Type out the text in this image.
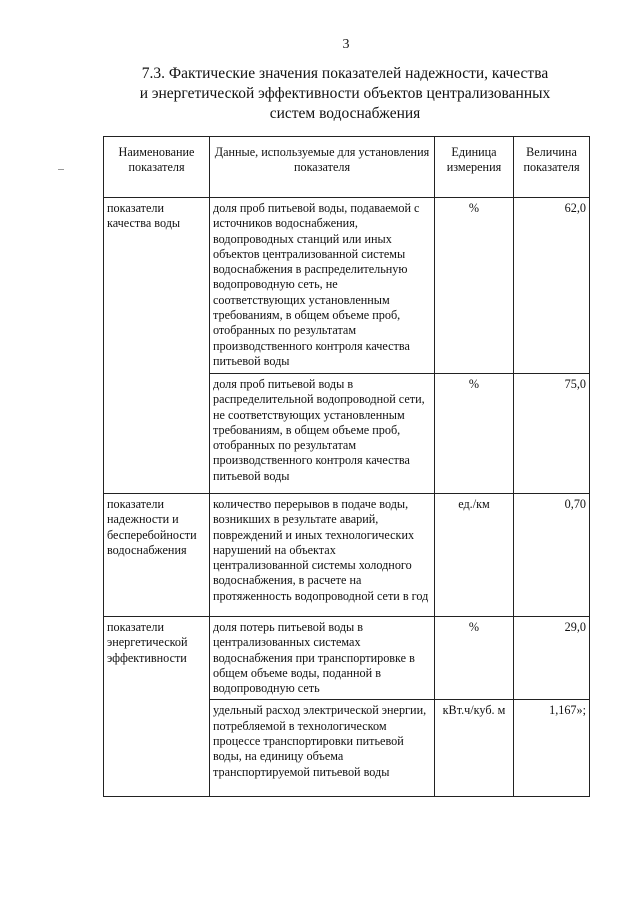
3
7.3. Фактические значения показателей надежности, качества
и энергетической эффективности объектов централизованных
систем водоснабжения
Наименование показателя	Данные, используемые для установления показателя	Единица измерения	Величина показателя
показатели качества воды	доля проб питьевой воды, подаваемой с источников водоснабжения, водопроводных станций или иных объектов централизованной системы водоснабжения в распределительную водопроводную сеть, не соответствующих установленным требованиям, в общем объеме проб, отобранных по результатам производственного контроля качества питьевой воды	%	62,0
	доля проб питьевой воды в распределительной водопроводной сети, не соответствующих установленным требованиям, в общем объеме проб, отобранных по результатам производственного контроля качества питьевой воды	%	75,0
показатели надежности и бесперебойности водоснабжения	количество перерывов в подаче воды, возникших в результате аварий, повреждений и иных технологических нарушений на объектах централизованной системы холодного водоснабжения, в расчете на протяженность водопроводной сети в год	ед./км	0,70
показатели энергетической эффективности	доля потерь питьевой воды в централизованных системах водоснабжения при транспортировке в общем объеме воды, поданной в водопроводную сеть	%	29,0
	удельный расход электрической энергии, потребляемой в технологическом процессе транспортировки питьевой воды, на единицу объема транспортируемой питьевой воды	кВт.ч/куб. м	1,167»;
